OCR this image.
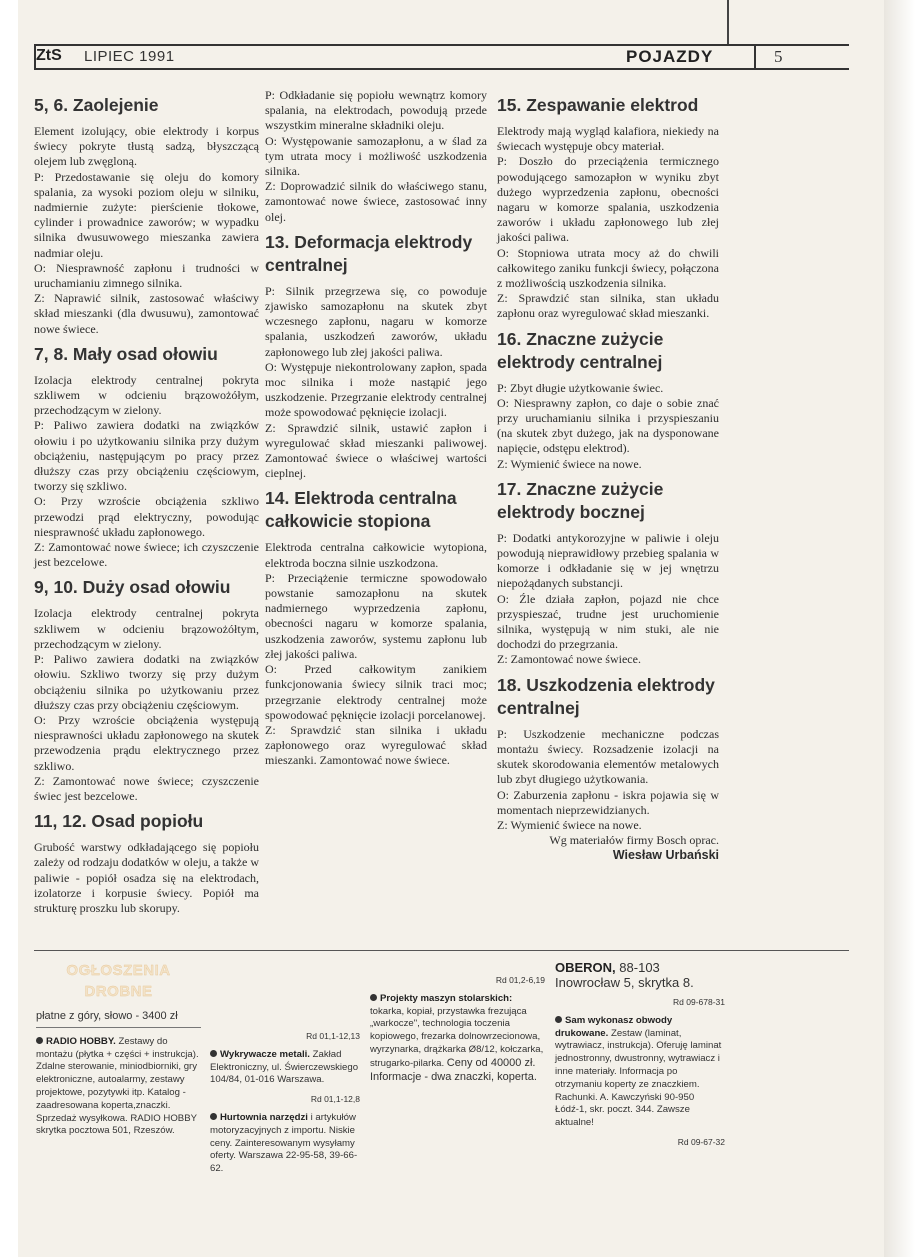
ZtS LIPIEC 1991	POJAZDY	5
5, 6. Zaolejenie

Element izolujący, obie elektrody i korpus świecy pokryte tłustą sadzą, błyszczącą olejem lub zwęgloną.

P: Przedostawanie się oleju do komory spalania, za wysoki poziom oleju w silniku, nadmiernie zużyte: pierścienie tłokowe, cylinder i prowadnice zaworów; w wypadku silnika dwusuwowego mieszanka zawiera nadmiar oleju.

O: Niesprawność zapłonu i trudności w uruchamianiu zimnego silnika.

Z: Naprawić silnik, zastosować właściwy skład mieszanki (dla dwusuwu), zamontować nowe świece.

7, 8. Mały osad ołowiu

Izolacja elektrody centralnej pokryta szkliwem w odcieniu brązowożółym, przechodzącym w zielony.

P: Paliwo zawiera dodatki na związków ołowiu i po użytkowaniu silnika przy dużym obciążeniu, następującym po pracy przez dłuższy czas przy obciążeniu częściowym, tworzy się szkliwo.

O: Przy wzroście obciążenia szkliwo przewodzi prąd elektryczny, powodując niesprawność układu zapłonowego.

Z: Zamontować nowe świece; ich czyszczenie jest bezcelowe.

9, 10. Duży osad ołowiu

Izolacja elektrody centralnej pokryta szkliwem w odcieniu brązowożółtym, przechodzącym w zielony.

P: Paliwo zawiera dodatki na związków ołowiu. Szkliwo tworzy się przy dużym obciążeniu silnika po użytkowaniu przez dłuższy czas przy obciążeniu częściowym.

O: Przy wzroście obciążenia występują niesprawności układu zapłonowego na skutek przewodzenia prądu elektrycznego przez szkliwo.

Z: Zamontować nowe świece; czyszczenie świec jest bezcelowe.

11, 12. Osad popiołu

Grubość warstwy odkładającego się popiołu zależy od rodzaju dodatków w oleju, a także w paliwie - popiół osadza się na elektrodach, izolatorze i korpusie świecy. Popiół ma strukturę proszku lub skorupy.

P: Odkładanie się popiołu wewnątrz komory spalania, na elektrodach, powodują przede wszystkim mineralne składniki oleju.

O: Występowanie samozapłonu, a w ślad za tym utrata mocy i możliwość uszkodzenia silnika.

Z: Doprowadzić silnik do właściwego stanu, zamontować nowe świece, zastosować inny olej.

13. Deformacja elektrody centralnej

P: Silnik przegrzewa się, co powoduje zjawisko samozapłonu na skutek zbyt wczesnego zapłonu, nagaru w komorze spalania, uszkodzeń zaworów, układu zapłonowego lub złej jakości paliwa.

O: Występuje niekontrolowany zapłon, spada moc silnika i może nastąpić jego uszkodzenie. Przegrzanie elektrody centralnej może spowodować pęknięcie izolacji.

Z: Sprawdzić silnik, ustawić zapłon i wyregulować skład mieszanki paliwowej. Zamontować świece o właściwej wartości cieplnej.

14. Elektroda centralna całkowicie stopiona

Elektroda centralna całkowicie wytopiona, elektroda boczna silnie uszkodzona.

P: Przeciążenie termiczne spowodowało powstanie samozapłonu na skutek nadmiernego wyprzedzenia zapłonu, obecności nagaru w komorze spalania, uszkodzenia zaworów, systemu zapłonu lub złej jakości paliwa.

O: Przed całkowitym zanikiem funkcjonowania świecy silnik traci moc; przegrzanie elektrody centralnej może spowodować pęknięcie izolacji porcelanowej.

Z: Sprawdzić stan silnika i układu zapłonowego oraz wyregulować skład mieszanki. Zamontować nowe świece.

15. Zespawanie elektrod

Elektrody mają wygląd kalafiora, niekiedy na świecach występuje obcy materiał.

P: Doszło do przeciążenia termicznego powodującego samozapłon w wyniku zbyt dużego wyprzedzenia zapłonu, obecności nagaru w komorze spalania, uszkodzenia zaworów i układu zapłonowego lub złej jakości paliwa.

O: Stopniowa utrata mocy aż do chwili całkowitego zaniku funkcji świecy, połączona z możliwością uszkodzenia silnika.

Z: Sprawdzić stan silnika, stan układu zapłonu oraz wyregulować skład mieszanki.

16. Znaczne zużycie elektrody centralnej

P: Zbyt długie użytkowanie świec.

O: Niesprawny zapłon, co daje o sobie znać przy uruchamianiu silnika i przyspieszaniu (na skutek zbyt dużego, jak na dysponowane napięcie, odstępu elektrod).

Z: Wymienić świece na nowe.

17. Znaczne zużycie elektrody bocznej

P: Dodatki antykorozyjne w paliwie i oleju powodują nieprawidłowy przebieg spalania w komorze i odkładanie się w jej wnętrzu niepożądanych substancji.

O: Źle działa zapłon, pojazd nie chce przyspieszać, trudne jest uruchomienie silnika, występują w nim stuki, ale nie dochodzi do przegrzania.

Z: Zamontować nowe świece.

18. Uszkodzenia elektrody centralnej

P: Uszkodzenie mechaniczne podczas montażu świecy. Rozsadzenie izolacji na skutek skorodowania elementów metalowych lub zbyt długiego użytkowania.

O: Zaburzenia zapłonu - iskra pojawia się w momentach nieprzewidzianych.

Z: Wymienić świece na nowe.

Wg materiałów firmy Bosch oprac.

Wiesław Urbański

OGŁOSZENIA
DROBNE
płatne z góry, słowo - 3400 zł

RADIO HOBBY. Zestawy do montażu (płytka + części + instrukcja). Zdalne sterowanie, miniodbiorniki, gry elektroniczne, autoalarmy, zestawy projektowe, pozytywki itp. Katalog - zaadresowana koperta,znaczki. Sprzedaż wysyłkowa. RADIO HOBBY skrytka pocztowa 501, Rzeszów.

Rd 01,1-12,13

Wykrywacze metali. Zakład Elektroniczny, ul. Świerczewskiego 104/84, 01-016 Warszawa.

Rd 01,1-12,8

Hurtownia narzędzi i artykułów motoryzacyjnych z importu. Niskie ceny. Zainteresowanym wysyłamy oferty. Warszawa 22-95-58, 39-66-62.

Rd 01,2-6,19

Projekty maszyn stolarskich: tokarka, kopiał, przystawka frezująca „warkocze", technologia toczenia kopiowego, frezarka dolnowrzecionowa, wyrzynarka, drążkarka Ø8/12, kołczarka, strugarko-pilarka. Ceny od 40000 zł. Informacje - dwa znaczki, koperta.

OBERON, 88-103 Inowrocław 5, skrytka 8.

Rd 09-678-31

Sam wykonasz obwody drukowane. Zestaw (laminat, wytrawiacz, instrukcja). Oferuję laminat jednostronny, dwustronny, wytrawiacz i inne materiały. Informacja po otrzymaniu koperty ze znaczkiem. Rachunki. A. Kawczyński 90-950 Łódź-1, skr. poczt. 344. Zawsze aktualne!

Rd 09-67-32
